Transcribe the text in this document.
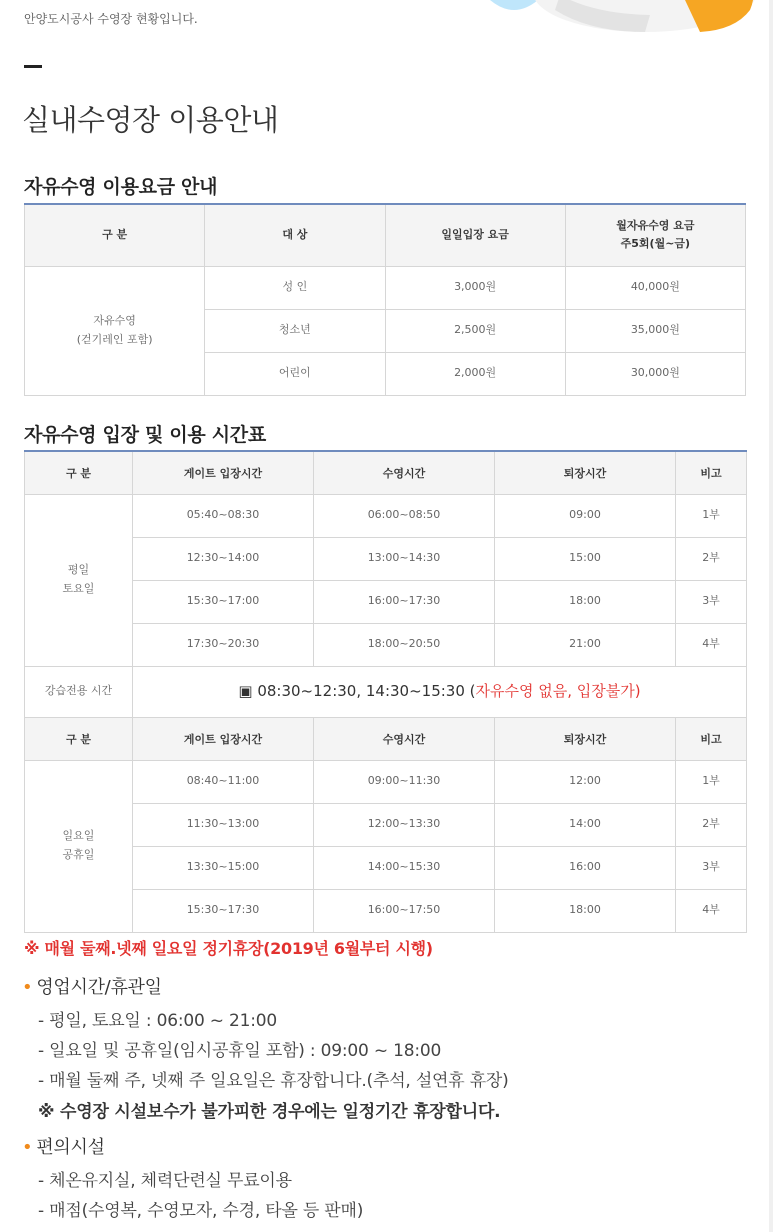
안양도시공사 수영장 현황입니다.
실내수영장 이용안내
자유수영 이용요금 안내
구 분	대 상	일일입장 요금	월자유수영 요금
주5회(월~금)
자유수영
(걷기레인 포함)	성 인	3,000원	40,000원
	청소년	2,500원	35,000원
	어린이	2,000원	30,000원
자유수영 입장 및 이용 시간표
구 분	게이트 입장시간	수영시간	퇴장시간	비고
평일
토요일	05:40~08:30	06:00~08:50	09:00	1부
	12:30~14:00	13:00~14:30	15:00	2부
	15:30~17:00	16:00~17:30	18:00	3부
	17:30~20:30	18:00~20:50	21:00	4부
강습전용 시간	▣ 08:30~12:30, 14:30~15:30 (자유수영 없음, 입장불가)			
구 분	게이트 입장시간	수영시간	퇴장시간	비고
일요일
공휴일	08:40~11:00	09:00~11:30	12:00	1부
	11:30~13:00	12:00~13:30	14:00	2부
	13:30~15:00	14:00~15:30	16:00	3부
	15:30~17:30	16:00~17:50	18:00	4부
※ 매월 둘째.넷째 일요일 정기휴장(2019년 6월부터 시행)
• 영업시간/휴관일
- 평일, 토요일 : 06:00 ~ 21:00
- 일요일 및 공휴일(임시공휴일 포함) : 09:00 ~ 18:00
- 매월 둘째 주, 넷째 주 일요일은 휴장합니다.(추석, 설연휴 휴장)
※ 수영장 시설보수가 불가피한 경우에는 일정기간 휴장합니다.
• 편의시설
- 체온유지실, 체력단련실 무료이용
- 매점(수영복, 수영모자, 수경, 타올 등 판매)
